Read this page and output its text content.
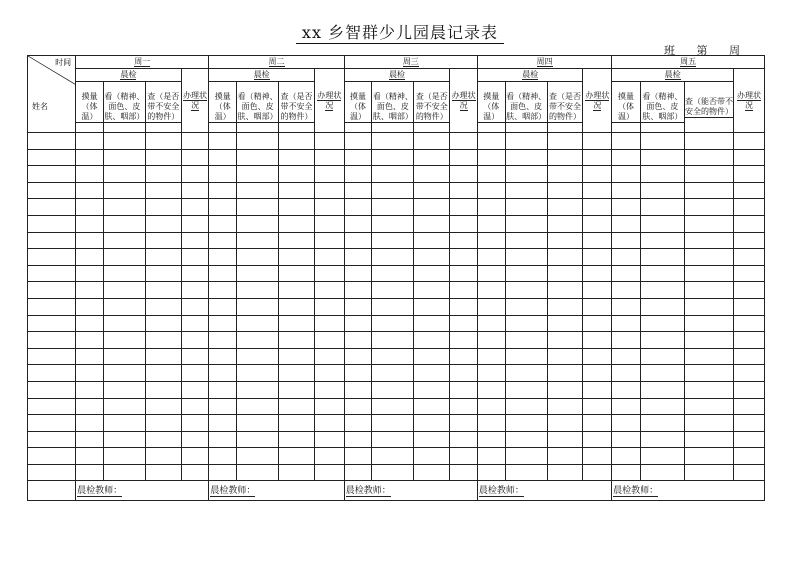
xx 乡智群少儿园晨记录表
班 第 周
时间
姓名	周一				周二				周三				周四				周五			
	晨检			办理状况	晨检			办理状况	晨检			办理状况	晨检			办理状况	晨检			办理状况
	摸量（体温）	看（精神、面色、皮肤、咽部）	查（是否带不安全的物件）		摸量（体温）	看（精神、面色、皮肤、咽部）	查（是否带不安全的物件）		摸量（体温）	看（精神、面色、皮肤、咽部）	查（是否带不安全的物件）		摸量（体温）	看（精神、面色、皮肤、咽部）	查（是否带不安全的物件）		摸量（体温）	看（精神、面色、皮肤、咽部）	查（能否带不安全的物件）	

	晨检教师：				晨检教师：				晨检教师：				晨检教师：				晨检教师：			
